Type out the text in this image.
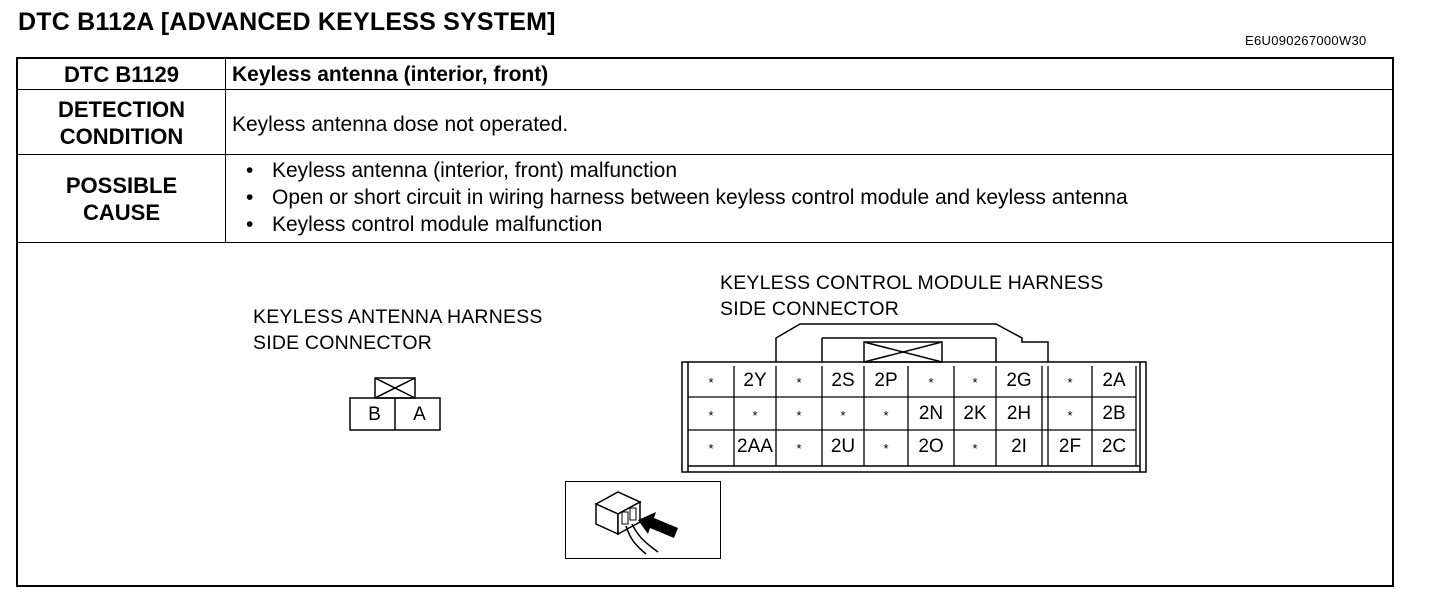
DTC B112A [ADVANCED KEYLESS SYSTEM]
E6U090267000W30
DTC B1129	Keyless antenna (interior, front)
DETECTION
CONDITION	Keyless antenna dose not operated.
POSSIBLE
CAUSE
• Keyless antenna (interior, front) malfunction
• Open or short circuit in wiring harness between keyless control module and keyless antenna
• Keyless control module malfunction
KEYLESS ANTENNA HARNESS
SIDE CONNECTOR
B	A
KEYLESS CONTROL MODULE HARNESS
SIDE CONNECTOR
*	2Y	*	2S	2P	*	*	2G	*	2A
*	*	*	*	*	2N	2K	2H	*	2B
*	2AA	*	2U	*	2O	*	2I	2F	2C
